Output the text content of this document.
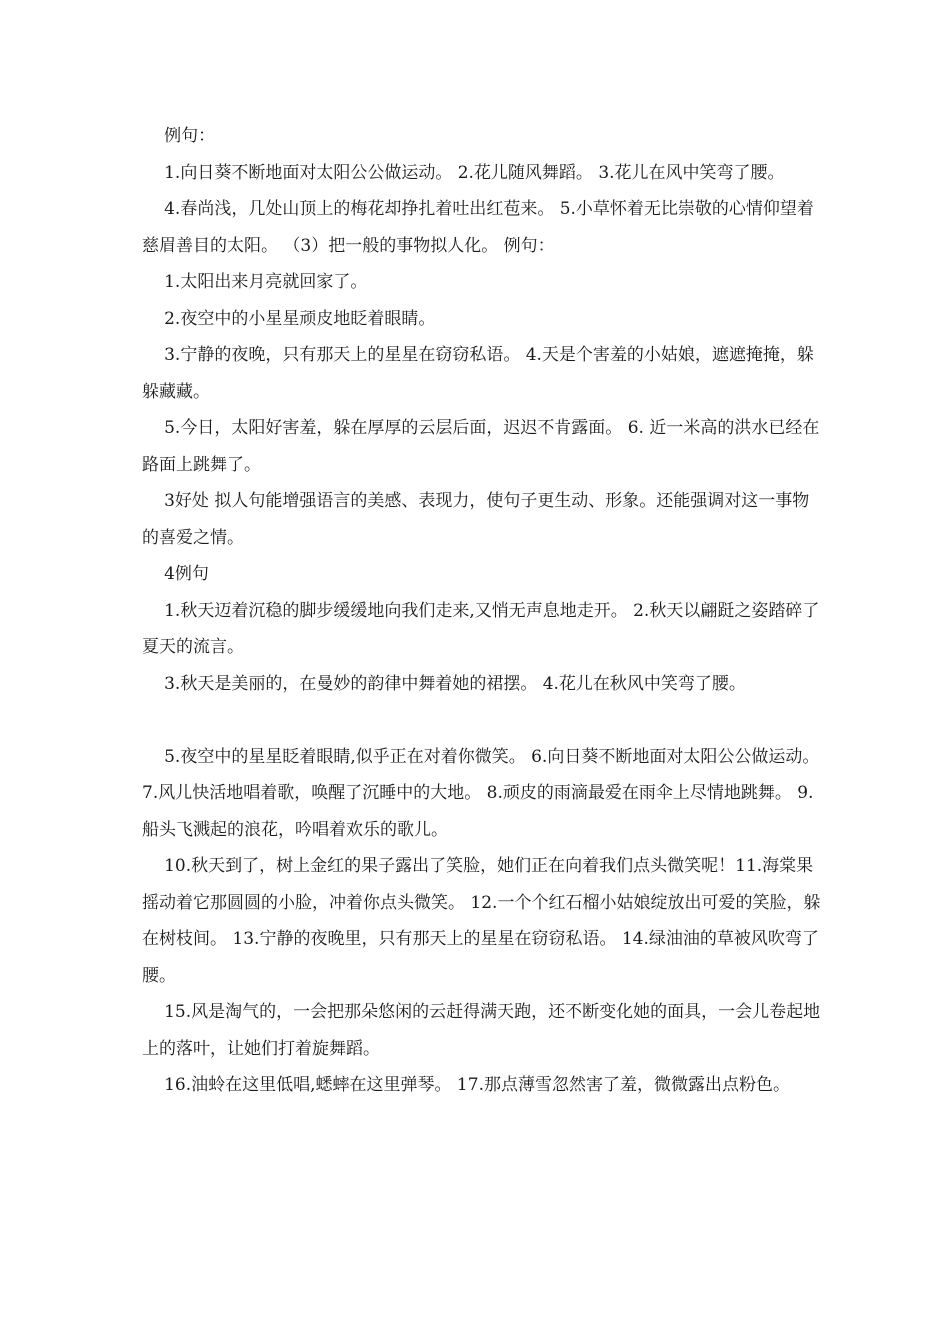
例句：

1.向日葵不断地面对太阳公公做运动。 2.花儿随风舞蹈。 3.花儿在风中笑弯了腰。

4.春尚浅，几处山顶上的梅花却挣扎着吐出红苞来。 5.小草怀着无比崇敬的心情仰望着慈眉善目的太阳。 （3）把一般的事物拟人化。 例句：

1.太阳出来月亮就回家了。

2.夜空中的小星星顽皮地眨着眼睛。

3.宁静的夜晚，只有那天上的星星在窃窃私语。 4.天是个害羞的小姑娘，遮遮掩掩，躲躲藏藏。

5.今日，太阳好害羞，躲在厚厚的云层后面，迟迟不肯露面。 6. 近一米高的洪水已经在路面上跳舞了。

3好处 拟人句能增强语言的美感、表现力，使句子更生动、形象。还能强调对这一事物的喜爱之情。

4例句

1.秋天迈着沉稳的脚步缓缓地向我们走来,又悄无声息地走开。 2.秋天以翩跹之姿踏碎了夏天的流言。

3.秋天是美丽的，在曼妙的韵律中舞着她的裙摆。 4.花儿在秋风中笑弯了腰。

5.夜空中的星星眨着眼睛,似乎正在对着你微笑。 6.向日葵不断地面对太阳公公做运动。 7.风儿快活地唱着歌，唤醒了沉睡中的大地。 8.顽皮的雨滴最爱在雨伞上尽情地跳舞。 9.船头飞溅起的浪花，吟唱着欢乐的歌儿。

10.秋天到了，树上金红的果子露出了笑脸，她们正在向着我们点头微笑呢！11.海棠果摇动着它那圆圆的小脸，冲着你点头微笑。 12.一个个红石榴小姑娘绽放出可爱的笑脸，躲在树枝间。 13.宁静的夜晚里，只有那天上的星星在窃窃私语。 14.绿油油的草被风吹弯了腰。

15.风是淘气的，一会把那朵悠闲的云赶得满天跑，还不断变化她的面具，一会儿卷起地上的落叶，让她们打着旋舞蹈。

16.油蛉在这里低唱,蟋蟀在这里弹琴。 17.那点薄雪忽然害了羞，微微露出点粉色。
